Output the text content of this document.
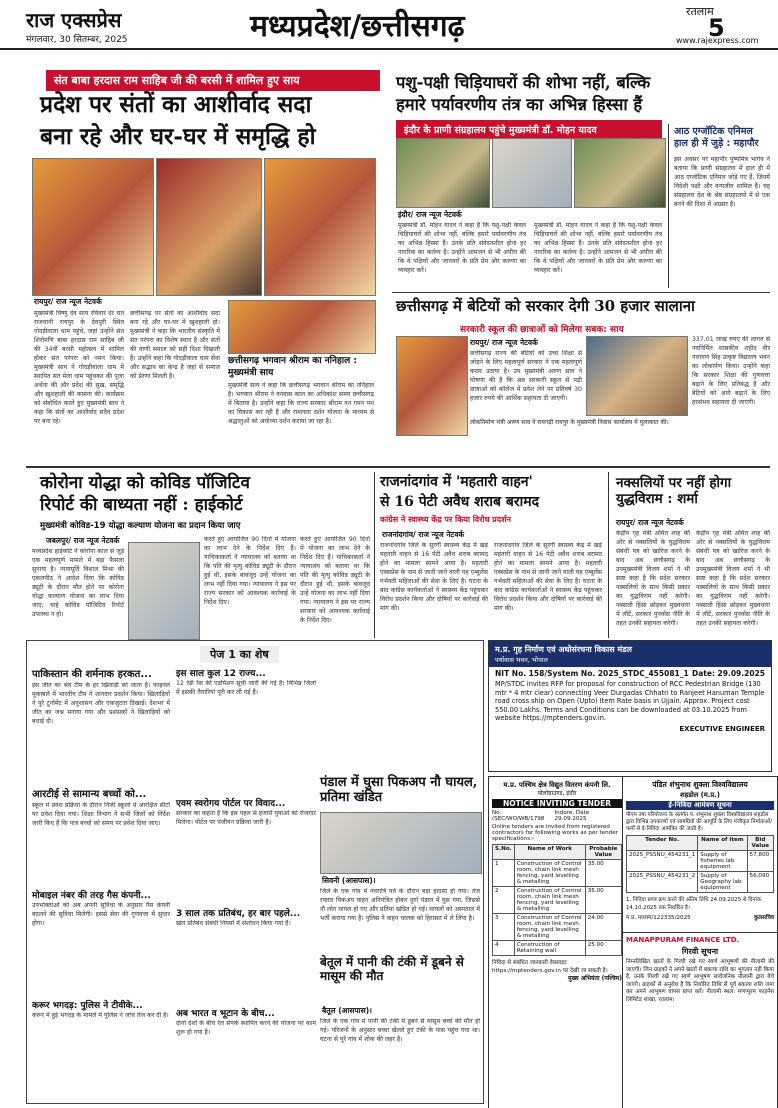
राज एक्सप्रेस
मंगलवार, 30 सितम्बर, 2025	मध्यप्रदेश/छत्तीसगढ़	रतलाम
5
www.rajexpress.com
संत बाबा हरदास राम साहिब जी की बरसी में शामिल हुए साय
प्रदेश पर संतों का आशीर्वाद सदा
बना रहे और घर-घर में समृद्धि हो
रायपुर/ राज न्यूज नेटवर्क
मुख्यमंत्री विष्णु देव साय रविवार देर रात राजधानी रायपुर के देवपुरी स्थित गोदड़ीवाला धाम पहुंचे, जहां उन्होंने संत शिरोमणि बाबा हरदास राम साहिब जी की 34वीं बरसी महोत्सव में शामिल होकर संत परंपरा को नमन किया। मुख्यमंत्री साय ने गोदड़ीवाला धाम में स्थापित संत मेला धाम पहुंचकर की पूजा अर्चना की और प्रदेश की सुख, समृद्धि और खुशहाली की कामना की। कार्यक्रम को संबोधित करते हुए मुख्यमंत्री साय ने कहा कि संतों का आशीर्वाद सदैव प्रदेश पर बना रहे।
छत्तीसगढ़ पर संतों का आशीर्वाद सदा बना रहे और घर-घर में खुशहाली हो। मुख्यमंत्री ने कहा कि भारतीय संस्कृति में संत परंपरा का विशेष स्थान है और संतों की वाणी समाज को सही दिशा दिखाती है। उन्होंने कहा कि गोदड़ीवाला धाम सेवा और सद्भाव का केन्द्र है जहां से समाज को प्रेरणा मिलती है।
छत्तीसगढ़ भगवान श्रीराम का ननिहाल : मुख्यमंत्री साय
मुख्यमंत्री साय ने कहा कि छत्तीसगढ़ भगवान श्रीराम का ननिहाल है। भगवान श्रीराम ने वनवास काल का अधिकांश समय छत्तीसगढ़ में बिताया है। उन्होंने कहा कि राज्य सरकार श्रीराम वन गमन पथ का विकास कर रही है और रामलला दर्शन योजना के माध्यम से श्रद्धालुओं को अयोध्या दर्शन कराया जा रहा है।
पशु-पक्षी चिड़ियाघरों की शोभा नहीं, बल्कि
हमारे पर्यावरणीय तंत्र का अभिन्न हिस्सा हैं
इंदौर के प्राणी संग्रहालय पहुंचे मुख्यमंत्री डॉ. मोहन यादव
इंदौर/ राज न्यूज नेटवर्क
मुख्यमंत्री डॉ. मोहन यादव ने कहा है कि पशु-पक्षी केवल चिड़ियाघरों की शोभा नहीं, बल्कि हमारे पर्यावरणीय तंत्र का अभिन्न हिस्सा हैं। उनके प्रति संवेदनशील होना हर नागरिक का कर्तव्य है। उन्होंने आमजन से भी अपील की कि वे पक्षियों और जानवरों के प्रति प्रेम और करुणा का व्यवहार करें।
मुख्यमंत्री डॉ. मोहन यादव ने कहा है कि पशु-पक्षी केवल चिड़ियाघरों की शोभा नहीं, बल्कि हमारे पर्यावरणीय तंत्र का अभिन्न हिस्सा हैं। उनके प्रति संवेदनशील होना हर नागरिक का कर्तव्य है। उन्होंने आमजन से भी अपील की कि वे पक्षियों और जानवरों के प्रति प्रेम और करुणा का व्यवहार करें।
आठ एग्जॉटिक एनिमल हाल ही में जुड़े : महापौर
इस अवसर पर महापौर पुष्यमित्र भार्गव ने बताया कि प्राणी संग्रहालय में हाल ही में आठ एग्जॉटिक एनिमल जोड़े गए हैं, जिनमें विदेशी पक्षी और वन्यजीव शामिल हैं। यह संग्रहालय देश के श्रेष्ठ संग्रहालयों में से एक बनने की दिशा में अग्रसर है।
छत्तीसगढ़ में बेटियों को सरकार देगी 30 हजार सालाना
सरकारी स्कूल की छात्राओं को मिलेगा सबक: साय
रायपुर/ राज न्यूज नेटवर्क
छत्तीसगढ़ राज्य की बेटियों को उच्च शिक्षा से जोड़ने के लिए महत्वपूर्ण सरकार ने एक महत्वपूर्ण कदम उठाया है। उप मुख्यमंत्री अरुण साव ने घोषणा की है कि अब सरकारी स्कूल से पढ़ी छात्राओं को कॉलेज में प्रवेश लेने पर प्रतिवर्ष 30 हजार रुपये की आर्थिक सहायता दी जाएगी।
लोकनिर्माण मंत्री अरुण साव ने रायगढ़ी रायपुर के मुख्यमंत्री निवास कार्यालय में मुलाकात की।
337.01 लाख रुपए की लागत से नवनिर्मित शासकीय शहीद वीर नारायण सिंह उत्कृष्ट विद्यालय भवन का लोकार्पण किया। उन्होंने कहा कि सरकार शिक्षा की गुणवत्ता बढ़ाने के लिए प्रतिबद्ध है और बेटियों को आगे बढ़ाने के लिए हरसंभव सहायता दी जाएगी।
कोरोना योद्धा को कोविड पॉजिटिव
रिपोर्ट की बाध्यता नहीं : हाईकोर्ट
मुख्यमंत्री कोविड-19 योद्धा कल्याण योजना का प्रदान किया जाए
जबलपुर/ राज न्यूज नेटवर्क
मध्यप्रदेश हाईकोर्ट ने कोरोना काल से जुड़े एक महत्वपूर्ण मामले में बड़ा फैसला सुनाया है। न्यायमूर्ति विशाल मिश्रा की एकलपीठ ने आदेश दिया कि कोविड ड्यूटी के दौरान मौत होने पर कोरोना योद्धा कल्याण योजना का लाभ दिया जाए, चाहे कोविड पॉजिटिव रिपोर्ट उपलब्ध न हो।
करते हुए आयोजित 90 दिनों में योजना का लाभ देने के निर्देश दिए हैं। याचिकाकर्ता ने न्यायालय को बताया था कि पति की मृत्यु कोविड ड्यूटी के दौरान हुई थी, इसके बावजूद उन्हें योजना का लाभ नहीं दिया गया। न्यायालय ने इस पर राज्य सरकार को आवश्यक कार्रवाई के निर्देश दिए।
करते हुए आयोजित 90 दिनों में योजना का लाभ देने के निर्देश दिए हैं। याचिकाकर्ता ने न्यायालय को बताया था कि पति की मृत्यु कोविड ड्यूटी के दौरान हुई थी, इसके बावजूद उन्हें योजना का लाभ नहीं दिया गया। न्यायालय ने इस पर राज्य सरकार को आवश्यक कार्रवाई के निर्देश दिए।
राजनांदगांव में 'महतारी वाहन'
से 16 पेटी अवैध शराब बरामद
कांग्रेस ने स्वास्थ्य केंद्र पर किया विरोध प्रदर्शन
राजनांदगांव/ राज न्यूज नेटवर्क
राजनांदगांव जिले के सुरगी स्वास्थ्य केंद्र में खड़े महतारी वाहन से 16 पेटी अवैध शराब बरामद होने का मामला सामने आया है। महतारी एक्सप्रेस के नाम से जानी जाने वाली यह एम्बुलेंस गर्भवती महिलाओं की सेवा के लिए है। घटना के बाद कांग्रेस कार्यकर्ताओं ने स्वास्थ्य केंद्र पहुंचकर विरोध प्रदर्शन किया और दोषियों पर कार्रवाई की मांग की।
राजनांदगांव जिले के सुरगी स्वास्थ्य केंद्र में खड़े महतारी वाहन से 16 पेटी अवैध शराब बरामद होने का मामला सामने आया है। महतारी एक्सप्रेस के नाम से जानी जाने वाली यह एम्बुलेंस गर्भवती महिलाओं की सेवा के लिए है। घटना के बाद कांग्रेस कार्यकर्ताओं ने स्वास्थ्य केंद्र पहुंचकर विरोध प्रदर्शन किया और दोषियों पर कार्रवाई की मांग की।
नक्सलियों पर नहीं होगा युद्धविराम : शर्मा
रायपुर/ राज न्यूज नेटवर्क
केंद्रीय गृह मंत्री अमित शाह की ओर से नक्सलियों के युद्धविराम संबंधी पत्र को खारिज करने के बाद अब छत्तीसगढ़ के उपमुख्यमंत्री विजय शर्मा ने भी स्पष्ट कहा है कि प्रदेश सरकार नक्सलियों के साथ किसी प्रकार का युद्धविराम नहीं करेगी। नक्सली हिंसा छोड़कर मुख्यधारा में लौटें, सरकार पुनर्वास नीति के तहत उनकी सहायता करेगी।
केंद्रीय गृह मंत्री अमित शाह की ओर से नक्सलियों के युद्धविराम संबंधी पत्र को खारिज करने के बाद अब छत्तीसगढ़ के उपमुख्यमंत्री विजय शर्मा ने भी स्पष्ट कहा है कि प्रदेश सरकार नक्सलियों के साथ किसी प्रकार का युद्धविराम नहीं करेगी। नक्सली हिंसा छोड़कर मुख्यधारा में लौटें, सरकार पुनर्वास नीति के तहत उनकी सहायता करेगी।
म.प्र. गृह निर्माण एवं अधोसंरचना विकास मंडल
पर्यावास भवन, भोपाल
NIT No. 158/System No. 2025_STDC_455081_1 Date: 29.09.2025
MP/STDC invites RFP for proposal for construction of RCC Pedestrian Bridge (130 mtr * 4 mtr clear) connecting Veer Durgadas Chhatri to Ranjeet Hanuman Temple road cross ship on Open (Upto) Item Rate basis in Ujjain. Approx. Project cost 550.00 Lakhs. Terms and Conditions can be downloaded at 03.10.2025 from website https://mptenders.gov.in.
EXECUTIVE ENGINEER
पेज 1 का शेष
पाकिस्तान की शर्मनाक हरकत...
इस जीत का श्रेय टीम के हर खिलाड़ी को जाता है। फाइनल मुकाबले में भारतीय टीम ने शानदार प्रदर्शन किया। खिलाड़ियों ने पूरे टूर्नामेंट में अनुशासन और एकजुटता दिखाई। देशभर में जीत का जश्न मनाया गया और प्रशंसकों ने खिलाड़ियों को बधाई दी।
आरटीई से सामान्य बच्चों को...
स्कूल में प्रवेश प्रक्रिया के दौरान निजी स्कूलों में आरक्षित सीटों पर प्रवेश दिया गया। शिक्षा विभाग ने सभी जिलों को निर्देश जारी किए हैं कि पात्र बच्चों को समय पर प्रवेश दिया जाए।
मोबाइल नंबर की तरह गैस कंपनी...
उपभोक्ताओं को अब अपनी सुविधा के अनुसार गैस कंपनी बदलने की सुविधा मिलेगी। इससे सेवा की गुणवत्ता में सुधार होगा।
करूर भगदड़: पुलिस ने टीवीके...
करूर में हुई भगदड़ के मामले में पुलिस ने जांच तेज कर दी है।
इस साल कुल 12 राज्य...
12 रेडी रेस की एडमिशन सूची जारी की गई है। विभिन्न जिलों में इसकी तैयारियां पूरी कर ली गई हैं।
एवम स्वरोगय पोर्टल पर विवाद...
सरकार का कहना है कि इस पहल से हजारों युवाओं को रोजगार मिलेगा। पोर्टल पर पंजीयन प्रक्रिया जारी है।
3 साल तक प्रतिबंध, हर बार पहले...
खेल प्रतिबंध संबंधी नियमों में संशोधन किया गया है।
अब भारत व भूटान के बीच...
दोनों देशों के बीच रेल संपर्क स्थापित करने की योजना पर काम शुरू हो गया है।
पंडाल में घुसा पिकअप नौ घायल, प्रतिमा खंडित
सिवनी (आसपास)।
जिले के एक गांव में नवरात्रि पर्व के दौरान बड़ा हादसा हो गया। तेज रफ्तार पिकअप वाहन अनियंत्रित होकर दुर्गा पंडाल में घुस गया, जिससे नौ लोग घायल हो गए और प्रतिमा खंडित हो गई। घायलों को अस्पताल में भर्ती कराया गया है। पुलिस ने वाहन चालक को हिरासत में ले लिया है।
बेतूल में पानी की टंकी में डूबने से मासूम की मौत
बैतूल (आसपास)।
जिले के एक गांव में पानी की टंकी में डूबने से मासूम बच्चे की मौत हो गई। परिजनों के अनुसार बच्चा खेलते हुए टंकी के पास पहुंच गया था। घटना से पूरे गांव में शोक की लहर है।
म.प्र. पश्चिम क्षेत्र विद्युत वितरण कंपनी लि.
पोलोग्राउण्ड, इंदौर
NOTICE INVITING TENDER
No. (SEC/WO/WB/1798
Indore, Date 29.09.2025
Online tenders are invited from registered contractors for following works as per tender specifications:-
S.No.	Name of Work	Probable Value
1	Construction of Control room, chain link mesh fencing, yard levelling & metalling	35.00
2	Construction of Control room, chain link mesh fencing, yard levelling & metalling	35.00
3	Construction of Control room, chain link mesh fencing, yard levelling & metalling	24.00
4	Construction of Retaining wall	25.00
निविदा से संबंधित जानकारी वेबसाइट https://mptenders.gov.in पर देखी जा सकती है।
मुख्य अभियंता (पश्चिम)
पंडित शंभुनाथ शुक्ला विश्वविद्यालय
शहडोल (म.प्र.)
ई-निविदा आमंत्रण सूचना
पीएम उषा परियोजना के अंतर्गत पं. शंभुनाथ शुक्ला विश्वविद्यालय शहडोल द्वारा विभिन्न उपकरणों एवं सामग्रियों की आपूर्ति के लिए पंजीकृत निर्माताओं/ फर्मों से ई-निविदा आमंत्रित की जाती है।
Tender No.	Name of item	Bid Value
2025_PSSNU_454231_1	Supply of fisheries lab equipment	57,800
2025_PSSNU_454231_2	Supply of Geography lab equipment	56,090
1. निविदा प्रपत्र क्रय करने की अंतिम तिथि 24.09.2025 से दिनांक 14.10.2025 तक निर्धारित है।
म.प्र. माध्यम/122335/2025	कुलसचिव
MANAPPURAM FINANCE LTD.
गिरवी सूचना
निम्नलिखित खातों के गिरवी रखे गए स्वर्ण आभूषणों की नीलामी की जाएगी। जिन ग्राहकों ने अपने खातों में बकाया राशि का भुगतान नहीं किया है, उनके गिरवी रखे गए स्वर्ण आभूषण सार्वजनिक नीलामी द्वारा बेचे जाएंगे। ग्राहकों से अनुरोध है कि निर्धारित तिथि से पूर्व बकाया राशि जमा कर अपने आभूषण वापस प्राप्त करें। नीलामी स्थल: मणप्पुरम फाइनेंस लिमिटेड शाखा, रतलाम।
